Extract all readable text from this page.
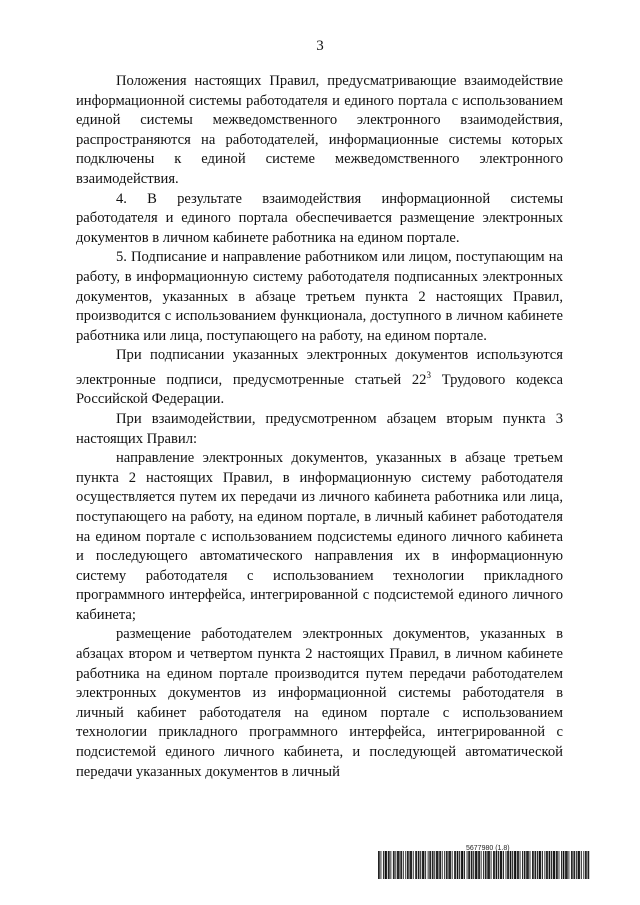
3

Положения настоящих Правил, предусматривающие взаимодействие информационной системы работодателя и единого портала с использованием единой системы межведомственного электронного взаимодействия, распространяются на работодателей, информационные системы которых подключены к единой системе межведомственного электронного взаимодействия.

4. В результате взаимодействия информационной системы работодателя и единого портала обеспечивается размещение электронных документов в личном кабинете работника на едином портале.

5. Подписание и направление работником или лицом, поступающим на работу, в информационную систему работодателя подписанных электронных документов, указанных в абзаце третьем пункта 2 настоящих Правил, производится с использованием функционала, доступного в личном кабинете работника или лица, поступающего на работу, на едином портале.

При подписании указанных электронных документов используются электронные подписи, предусмотренные статьей $22^3$ Трудового кодекса Российской Федерации.

При взаимодействии, предусмотренном абзацем вторым пункта 3 настоящих Правил:

направление электронных документов, указанных в абзаце третьем пункта 2 настоящих Правил, в информационную систему работодателя осуществляется путем их передачи из личного кабинета работника или лица, поступающего на работу, на едином портале, в личный кабинет работодателя на едином портале с использованием подсистемы единого личного кабинета и последующего автоматического направления их в информационную систему работодателя с использованием технологии прикладного программного интерфейса, интегрированной с подсистемой единого личного кабинета;

размещение работодателем электронных документов, указанных в абзацах втором и четвертом пункта 2 настоящих Правил, в личном кабинете работника на едином портале производится путем передачи работодателем электронных документов из информационной системы работодателя в личный кабинет работодателя на едином портале с использованием технологии прикладного программного интерфейса, интегрированной с подсистемой единого личного кабинета, и последующей автоматической передачи указанных документов в личный

5677980 (1.8)
